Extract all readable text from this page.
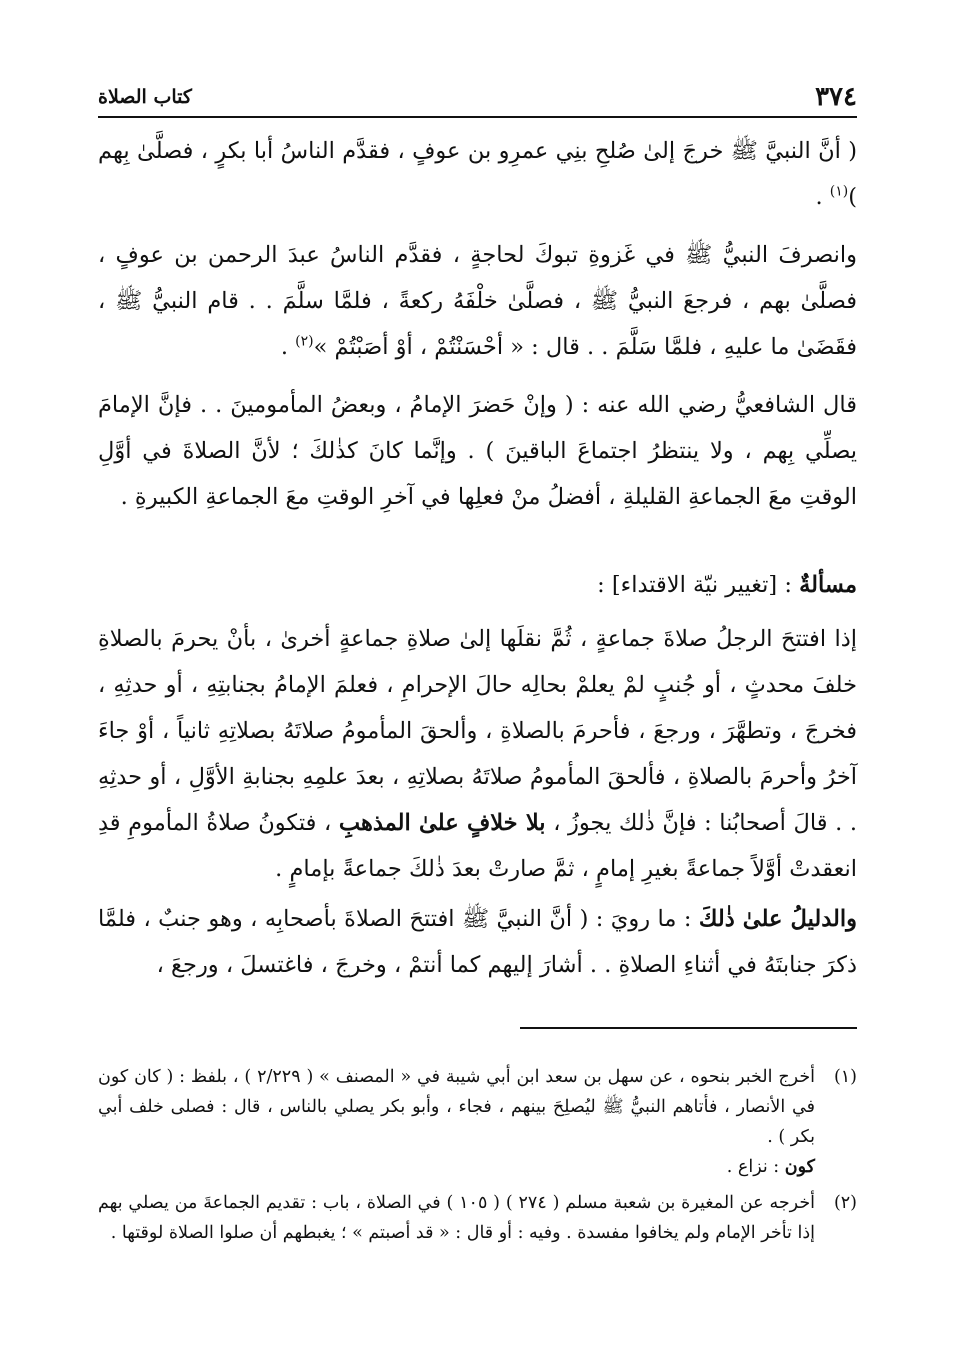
٣٧٤
كتاب الصلاة

( أنَّ النبيَّ ﷺ خرجَ إلىٰ صُلحِ بنِي عمرِو بن عوفٍ ، فقدَّم الناسُ أبا بكرٍ ، فصلَّىٰ بِهم )$^{(١)}$ .

وانصرفَ النبيُّ ﷺ في غَزوةِ تبوكَ لحاجةٍ ، فقدَّم الناسُ عبدَ الرحمن بن عوفٍ ، فصلَّىٰ بهم ، فرجعَ النبيُّ ﷺ ، فصلَّىٰ خلْفَهُ ركعةً ، فلمَّا سلَّمَ . . قام النبيُّ ﷺ ، فقَضَىٰ ما عليهِ ، فلمَّا سَلَّمَ . . قال : « أحْسَنْتُمْ ، أوْ أصَبْتُمْ »$^{(٢)}$ .

قال الشافعيُّ رضي الله عنه : ( وإنْ حَضرَ الإمامُ ، وبعضُ المأمومينَ . . فإنَّ الإمامَ يصلِّي بِهم ، ولا ينتظرُ اجتماعَ الباقينَ ) . وإنَّما كانَ كذٰلكَ ؛ لأنَّ الصلاةَ في أوَّلِ الوقتِ معَ الجماعةِ القليلةِ ، أفضلُ منْ فعلِها في آخرِ الوقتِ معَ الجماعةِ الكبيرةِ .

مسألةٌ : [تغيير نيّة الاقتداء] :

إذا افتتحَ الرجلُ صلاةَ جماعةٍ ، ثُمَّ نقلَها إلىٰ صلاةِ جماعةٍ أخرىٰ ، بأنْ يحرمَ بالصلاةِ خلفَ محدثٍ ، أو جُنبٍ لمْ يعلمْ بحالِه حالَ الإحرامِ ، فعلمَ الإمامُ بجنابتِهِ ، أو حدثِهِ ، فخرجَ ، وتطهَّرَ ، ورجعَ ، فأحرمَ بالصلاةِ ، وألحقَ المأمومُ صلاتَهُ بصلاتِهِ ثانياً ، أوْ جاءَ آخرُ وأحرمَ بالصلاةِ ، فألحقَ المأمومُ صلاتَهُ بصلاتِهِ ، بعدَ علمِهِ بجنابةِ الأوَّلِ ، أو حدثِهِ . . قالَ أصحابُنا : فإنَّ ذٰلك يجوزُ ، بلا خلافٍ علىٰ المذهبِ ، فتكونُ صلاةُ المأمومِ قدِ انعقدتْ أوَّلاً جماعةً بغيرِ إمامٍ ، ثمَّ صارتْ بعدَ ذٰلكَ جماعةً بإمامٍ .

والدليلُ علىٰ ذٰلكَ : ما رويَ : ( أنَّ النبيَّ ﷺ افتتحَ الصلاةَ بأصحابِه ، وهو جنبٌ ، فلمَّا ذكرَ جنابتَهُ في أثناءِ الصلاةِ . . أشارَ إليهم كما أنتمْ ، وخرجَ ، فاغتسلَ ، ورجعَ ،

(١)

أخرج الخبر بنحوه ، عن سهل بن سعد ابن أبي شيبة في « المصنف » ( ٢/٢٢٩ ) ، بلفظ : ( كان كون في الأنصار ، فأتاهم النبيُّ ﷺ ليُصلِحَ بينهم ، فجاء ، وأبو بكر يصلي بالناس ، قال : فصلى خلف أبي بكر ) .

كون : نزاع .

(٢)

أخرجه عن المغيرة بن شعبة مسلم ( ٢٧٤ ) ( ١٠٥ ) في الصلاة ، باب : تقديم الجماعةَ من يصلي بهم إذا تأخر الإمام ولم يخافوا مفسدة . وفيه : أو قال : « قد أصبتم » ؛ يغبطهم أن صلوا الصلاة لوقتها .
